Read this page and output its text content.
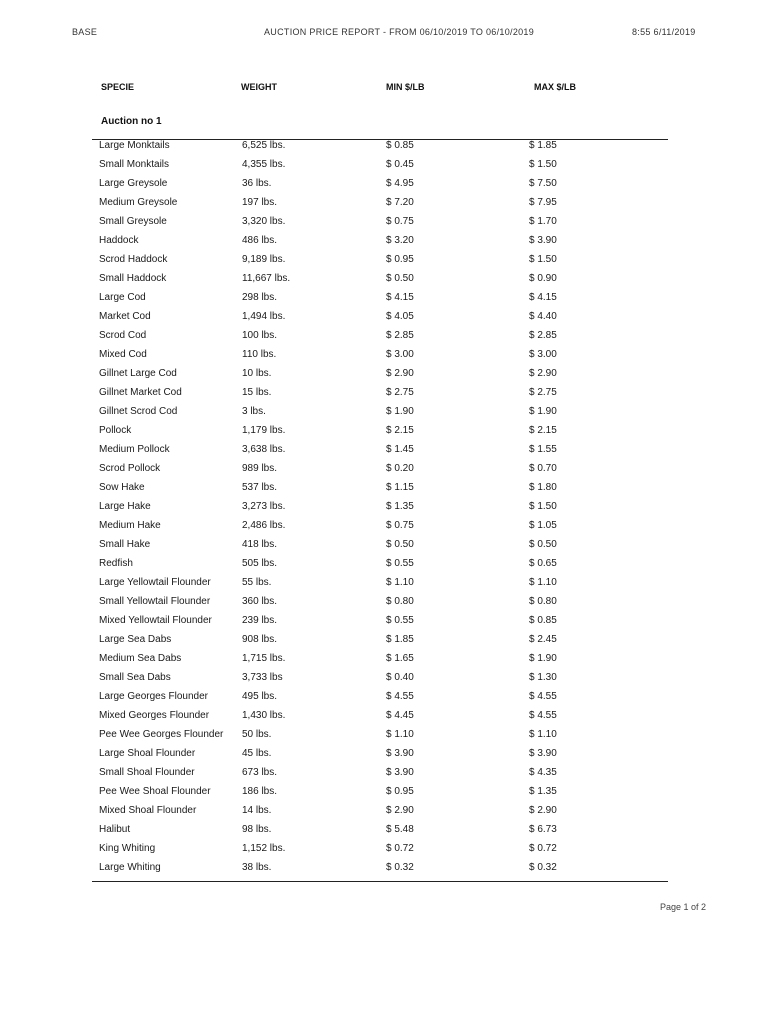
BASE	AUCTION PRICE REPORT - FROM 06/10/2019 TO 06/10/2019	8:55 6/11/2019
SPECIE	WEIGHT	MIN $/LB	MAX $/LB
Auction no 1
Large Monktails	6,525 lbs.	$ 0.85	$ 1.85
Small Monktails	4,355 lbs.	$ 0.45	$ 1.50
Large Greysole	36 lbs.	$ 4.95	$ 7.50
Medium Greysole	197 lbs.	$ 7.20	$ 7.95
Small Greysole	3,320 lbs.	$ 0.75	$ 1.70
Haddock	486 lbs.	$ 3.20	$ 3.90
Scrod Haddock	9,189 lbs.	$ 0.95	$ 1.50
Small Haddock	11,667 lbs.	$ 0.50	$ 0.90
Large Cod	298 lbs.	$ 4.15	$ 4.15
Market Cod	1,494 lbs.	$ 4.05	$ 4.40
Scrod Cod	100 lbs.	$ 2.85	$ 2.85
Mixed Cod	110 lbs.	$ 3.00	$ 3.00
Gillnet Large Cod	10 lbs.	$ 2.90	$ 2.90
Gillnet Market Cod	15 lbs.	$ 2.75	$ 2.75
Gillnet Scrod Cod	3 lbs.	$ 1.90	$ 1.90
Pollock	1,179 lbs.	$ 2.15	$ 2.15
Medium Pollock	3,638 lbs.	$ 1.45	$ 1.55
Scrod Pollock	989 lbs.	$ 0.20	$ 0.70
Sow Hake	537 lbs.	$ 1.15	$ 1.80
Large Hake	3,273 lbs.	$ 1.35	$ 1.50
Medium Hake	2,486 lbs.	$ 0.75	$ 1.05
Small Hake	418 lbs.	$ 0.50	$ 0.50
Redfish	505 lbs.	$ 0.55	$ 0.65
Large Yellowtail Flounder	55 lbs.	$ 1.10	$ 1.10
Small Yellowtail Flounder	360 lbs.	$ 0.80	$ 0.80
Mixed Yellowtail Flounder	239 lbs.	$ 0.55	$ 0.85
Large Sea Dabs	908 lbs.	$ 1.85	$ 2.45
Medium Sea Dabs	1,715 lbs.	$ 1.65	$ 1.90
Small Sea Dabs	3,733 lbs	$ 0.40	$ 1.30
Large Georges Flounder	495 lbs.	$ 4.55	$ 4.55
Mixed Georges Flounder	1,430 lbs.	$ 4.45	$ 4.55
Pee Wee Georges Flounder 50 lbs.	$ 1.10	$ 1.10
Large Shoal Flounder	45 lbs.	$ 3.90	$ 3.90
Small Shoal Flounder	673 lbs.	$ 3.90	$ 4.35
Pee Wee Shoal Flounder	186 lbs.	$ 0.95	$ 1.35
Mixed Shoal Flounder	14 lbs.	$ 2.90	$ 2.90
Halibut	98 lbs.	$ 5.48	$ 6.73
King Whiting	1,152 lbs.	$ 0.72	$ 0.72
Large Whiting	38 lbs.	$ 0.32	$ 0.32
Page 1 of 2
